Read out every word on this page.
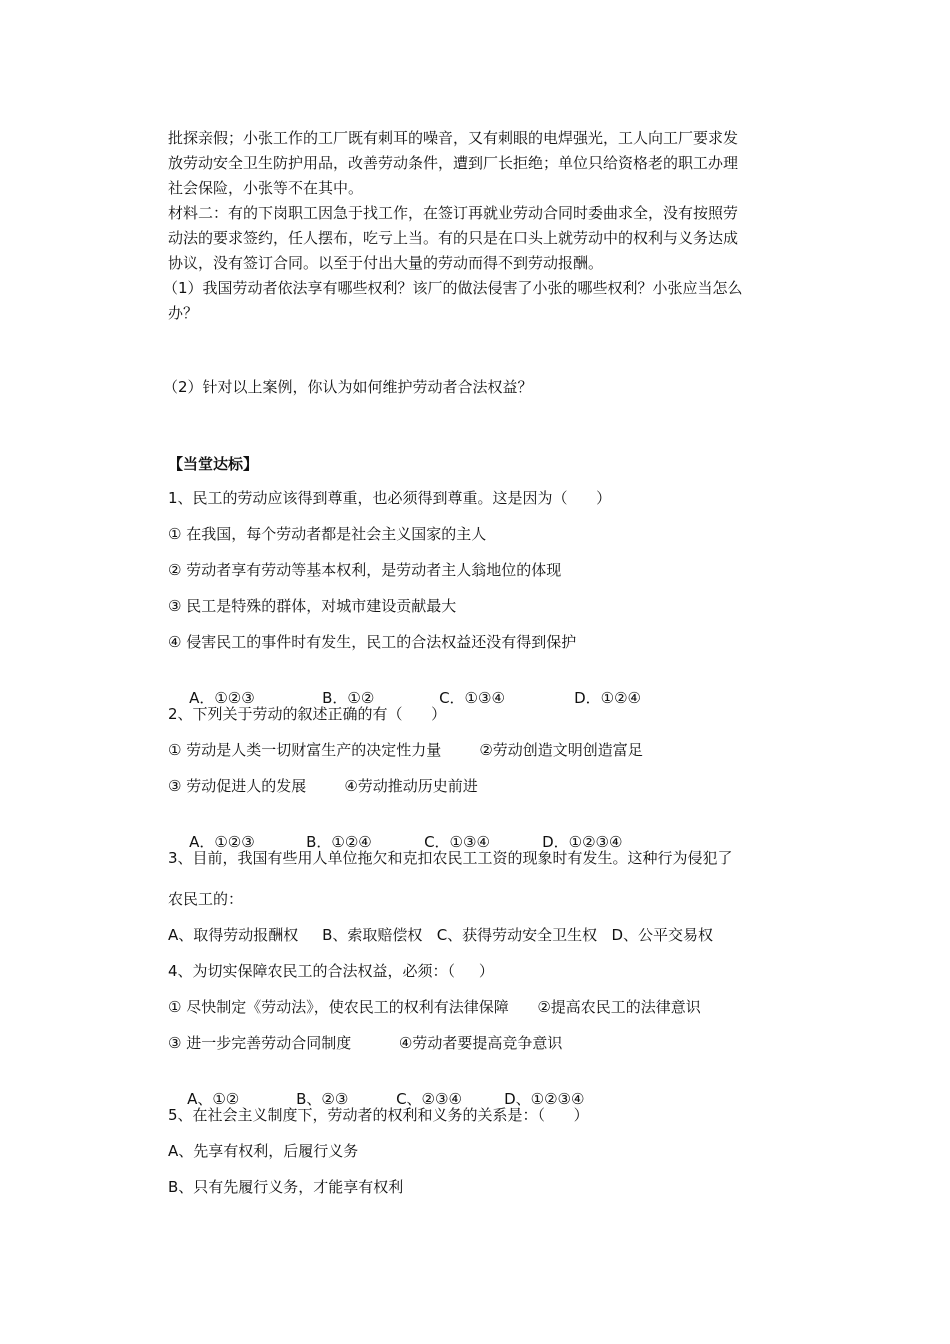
批探亲假；小张工作的工厂既有刺耳的噪音，又有刺眼的电焊强光，工人向工厂要求发
放劳动安全卫生防护用品，改善劳动条件，遭到厂长拒绝；单位只给资格老的职工办理
社会保险，小张等不在其中。
材料二：有的下岗职工因急于找工作，在签订再就业劳动合同时委曲求全，没有按照劳
动法的要求签约，任人摆布，吃亏上当。有的只是在口头上就劳动中的权利与义务达成
协议，没有签订合同。以至于付出大量的劳动而得不到劳动报酬。
（1）我国劳动者依法享有哪些权利？该厂的做法侵害了小张的哪些权利？小张应当怎么
办？
（2）针对以上案例，你认为如何维护劳动者合法权益？
【当堂达标】
1、民工的劳动应该得到尊重，也必须得到尊重。这是因为（      ）
① 在我国，每个劳动者都是社会主义国家的主人
② 劳动者享有劳动等基本权利，是劳动者主人翁地位的体现
③ 民工是特殊的群体，对城市建设贡献最大
④ 侵害民工的事件时有发生，民工的合法权益还没有得到保护

A．①②③	B．①②	C．①③④	D．①②④

2、下列关于劳动的叙述正确的有（      ）
① 劳动是人类一切财富生产的决定性力量        ②劳动创造文明创造富足
③ 劳动促进人的发展        ④劳动推动历史前进

A．①②③	B．①②④	C．①③④	D．①②③④

3、目前，我国有些用人单位拖欠和克扣农民工工资的现象时有发生。这种行为侵犯了
农民工的：
A、取得劳动报酬权     B、索取赔偿权   C、获得劳动安全卫生权   D、公平交易权
4、为切实保障农民工的合法权益，必须：（     ）
① 尽快制定《劳动法》，使农民工的权利有法律保障      ②提高农民工的法律意识
③ 进一步完善劳动合同制度          ④劳动者要提高竞争意识

A、①②	B、②③	C、②③④	D、①②③④

5、在社会主义制度下，劳动者的权利和义务的关系是：（      ）
A、先享有权利，后履行义务
B、只有先履行义务，才能享有权利
